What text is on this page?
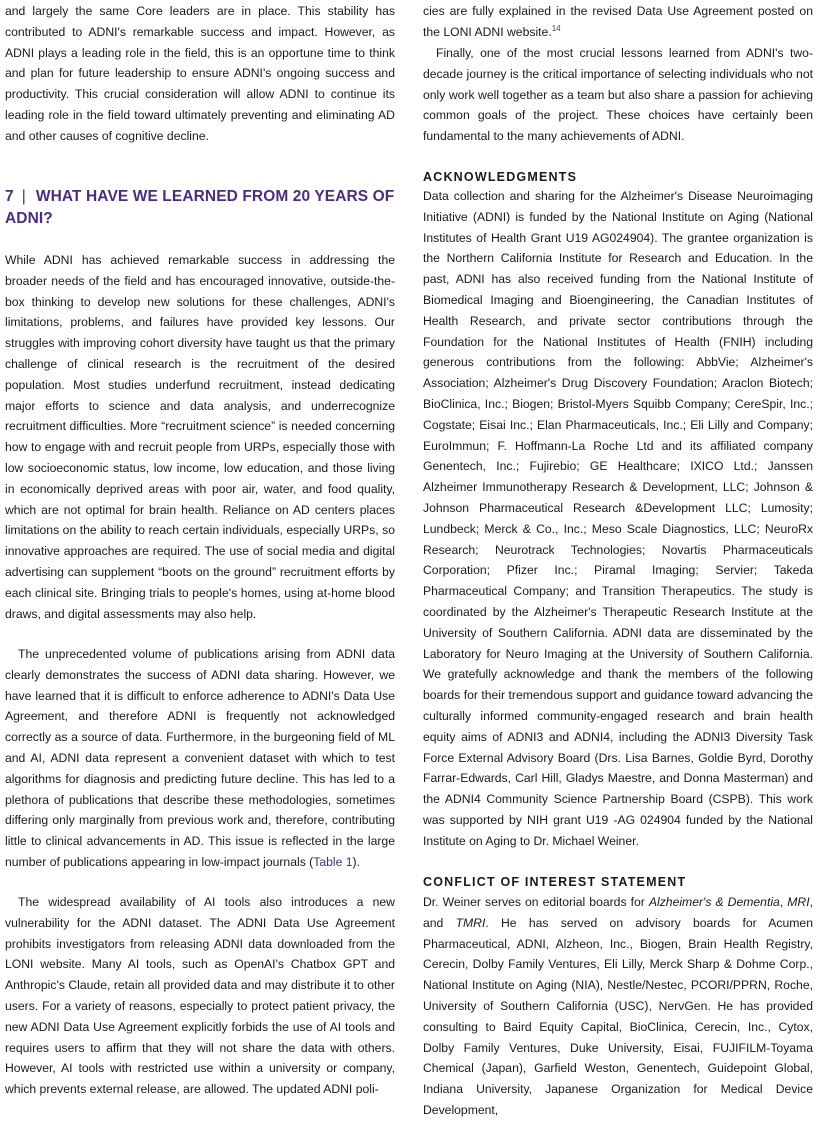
and largely the same Core leaders are in place. This stability has contributed to ADNI's remarkable success and impact. However, as ADNI plays a leading role in the field, this is an opportune time to think and plan for future leadership to ensure ADNI's ongoing success and productivity. This crucial consideration will allow ADNI to continue its leading role in the field toward ultimately preventing and eliminating AD and other causes of cognitive decline.

7 | WHAT HAVE WE LEARNED FROM 20 YEARS OF ADNI?

While ADNI has achieved remarkable success in addressing the broader needs of the field and has encouraged innovative, outside-the-box thinking to develop new solutions for these challenges, ADNI's limitations, problems, and failures have provided key lessons. Our struggles with improving cohort diversity have taught us that the primary challenge of clinical research is the recruitment of the desired population. Most studies underfund recruitment, instead dedicating major efforts to science and data analysis, and underrecognize recruitment difficulties. More “recruitment science” is needed concerning how to engage with and recruit people from URPs, especially those with low socioeconomic status, low income, low education, and those living in economically deprived areas with poor air, water, and food quality, which are not optimal for brain health. Reliance on AD centers places limitations on the ability to reach certain individuals, especially URPs, so innovative approaches are required. The use of social media and digital advertising can supplement “boots on the ground” recruitment efforts by each clinical site. Bringing trials to people's homes, using at-home blood draws, and digital assessments may also help.

The unprecedented volume of publications arising from ADNI data clearly demonstrates the success of ADNI data sharing. However, we have learned that it is difficult to enforce adherence to ADNI's Data Use Agreement, and therefore ADNI is frequently not acknowledged correctly as a source of data. Furthermore, in the burgeoning field of ML and AI, ADNI data represent a convenient dataset with which to test algorithms for diagnosis and predicting future decline. This has led to a plethora of publications that describe these methodologies, sometimes differing only marginally from previous work and, therefore, contributing little to clinical advancements in AD. This issue is reflected in the large number of publications appearing in low-impact journals (Table 1).

The widespread availability of AI tools also introduces a new vulnerability for the ADNI dataset. The ADNI Data Use Agreement prohibits investigators from releasing ADNI data downloaded from the LONI website. Many AI tools, such as OpenAI's Chatbox GPT and Anthropic's Claude, retain all provided data and may distribute it to other users. For a variety of reasons, especially to protect patient privacy, the new ADNI Data Use Agreement explicitly forbids the use of AI tools and requires users to affirm that they will not share the data with others. However, AI tools with restricted use within a university or company, which prevents external release, are allowed. The updated ADNI poli-

cies are fully explained in the revised Data Use Agreement posted on the LONI ADNI website.$^{14}$

Finally, one of the most crucial lessons learned from ADNI's two-decade journey is the critical importance of selecting individuals who not only work well together as a team but also share a passion for achieving common goals of the project. These choices have certainly been fundamental to the many achievements of ADNI.

ACKNOWLEDGMENTS

Data collection and sharing for the Alzheimer's Disease Neuroimaging Initiative (ADNI) is funded by the National Institute on Aging (National Institutes of Health Grant U19 AG024904). The grantee organization is the Northern California Institute for Research and Education. In the past, ADNI has also received funding from the National Institute of Biomedical Imaging and Bioengineering, the Canadian Institutes of Health Research, and private sector contributions through the Foundation for the National Institutes of Health (FNIH) including generous contributions from the following: AbbVie; Alzheimer's Association; Alzheimer's Drug Discovery Foundation; Araclon Biotech; BioClinica, Inc.; Biogen; Bristol-Myers Squibb Company; CereSpir, Inc.; Cogstate; Eisai Inc.; Elan Pharmaceuticals, Inc.; Eli Lilly and Company; EuroImmun; F. Hoffmann-La Roche Ltd and its affiliated company Genentech, Inc.; Fujirebio; GE Healthcare; IXICO Ltd.; Janssen Alzheimer Immunotherapy Research & Development, LLC; Johnson & Johnson Pharmaceutical Research &Development LLC; Lumosity; Lundbeck; Merck & Co., Inc.; Meso Scale Diagnostics, LLC; NeuroRx Research; Neurotrack Technologies; Novartis Pharmaceuticals Corporation; Pfizer Inc.; Piramal Imaging; Servier; Takeda Pharmaceutical Company; and Transition Therapeutics. The study is coordinated by the Alzheimer's Therapeutic Research Institute at the University of Southern California. ADNI data are disseminated by the Laboratory for Neuro Imaging at the University of Southern California. We gratefully acknowledge and thank the members of the following boards for their tremendous support and guidance toward advancing the culturally informed community-engaged research and brain health equity aims of ADNI3 and ADNI4, including the ADNI3 Diversity Task Force External Advisory Board (Drs. Lisa Barnes, Goldie Byrd, Dorothy Farrar-Edwards, Carl Hill, Gladys Maestre, and Donna Masterman) and the ADNI4 Community Science Partnership Board (CSPB). This work was supported by NIH grant U19 -AG 024904 funded by the National Institute on Aging to Dr. Michael Weiner.

CONFLICT OF INTEREST STATEMENT

Dr. Weiner serves on editorial boards for Alzheimer's & Dementia, MRI, and TMRI. He has served on advisory boards for Acumen Pharmaceutical, ADNI, Alzheon, Inc., Biogen, Brain Health Registry, Cerecin, Dolby Family Ventures, Eli Lilly, Merck Sharp & Dohme Corp., National Institute on Aging (NIA), Nestle/Nestec, PCORI/PPRN, Roche, University of Southern California (USC), NervGen. He has provided consulting to Baird Equity Capital, BioClinica, Cerecin, Inc., Cytox, Dolby Family Ventures, Duke University, Eisai, FUJIFILM-Toyama Chemical (Japan), Garfield Weston, Genentech, Guidepoint Global, Indiana University, Japanese Organization for Medical Device Development,
